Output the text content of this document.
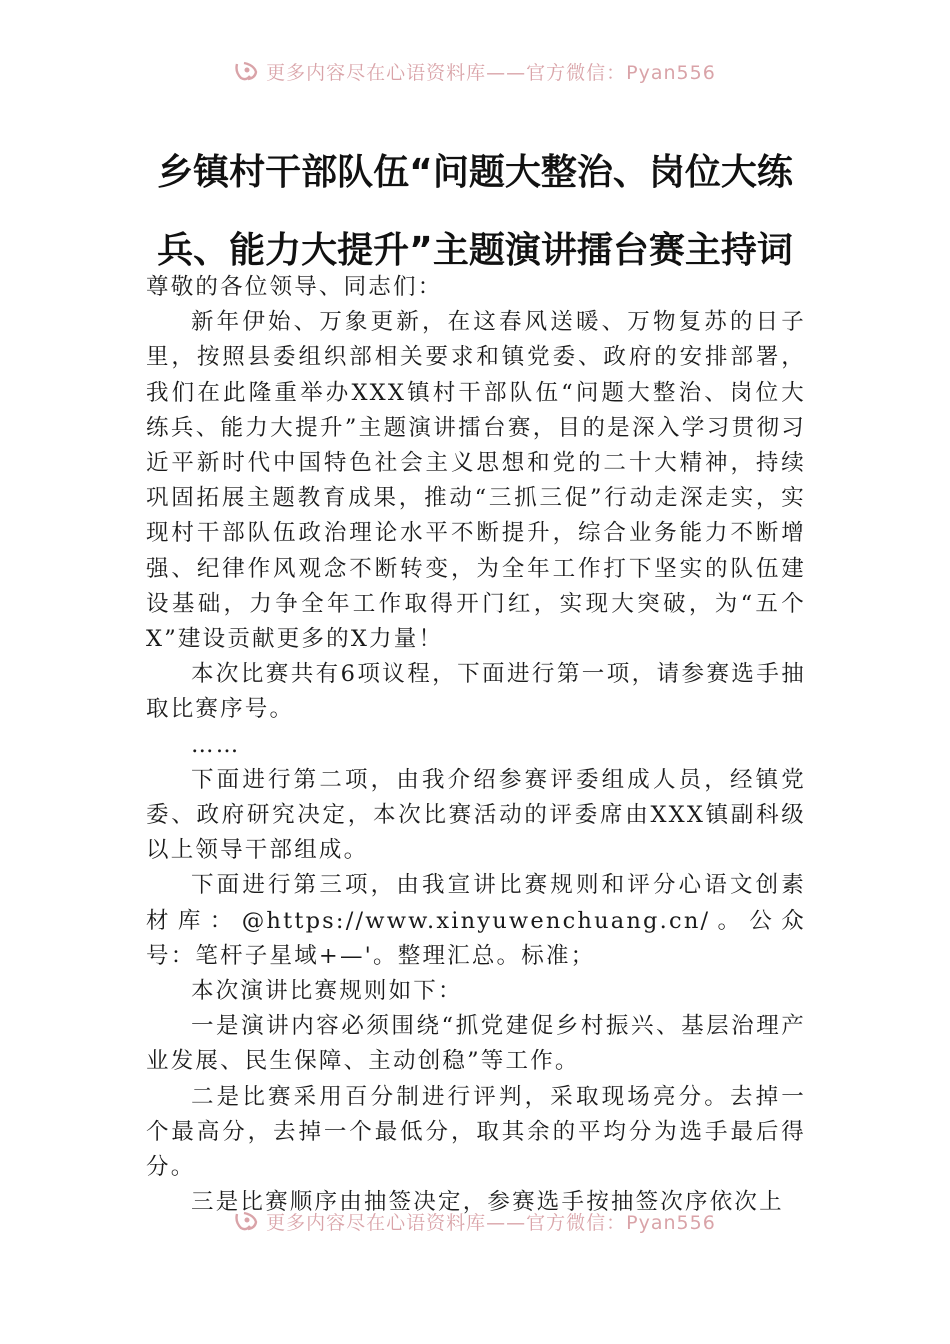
更多内容尽在心语资料库——官方微信：Pyan556
乡镇村干部队伍“问题大整治、岗位大练
兵、能力大提升”主题演讲擂台赛主持词

尊敬的各位领导、同志们：

新年伊始、万象更新，在这春风送暖、万物复苏的日子里，按照县委组织部相关要求和镇党委、政府的安排部署，我们在此隆重举办XXX镇村干部队伍“问题大整治、岗位大练兵、能力大提升”主题演讲擂台赛，目的是深入学习贯彻习近平新时代中国特色社会主义思想和党的二十大精神，持续巩固拓展主题教育成果，推动“三抓三促”行动走深走实，实现村干部队伍政治理论水平不断提升，综合业务能力不断增强、纪律作风观念不断转变，为全年工作打下坚实的队伍建设基础，力争全年工作取得开门红，实现大突破，为“五个X”建设贡献更多的X力量！

本次比赛共有6项议程，下面进行第一项，请参赛选手抽取比赛序号。

……

下面进行第二项，由我介绍参赛评委组成人员，经镇党委、政府研究决定，本次比赛活动的评委席由XXX镇副科级以上领导干部组成。

下面进行第三项，由我宣讲比赛规则和评分心语文创素材库：@https://www.xinyuwenchuang.cn/。公众号：笔杆子星域+—'。整理汇总。标准；

本次演讲比赛规则如下：

一是演讲内容必须围绕“抓党建促乡村振兴、基层治理产业发展、民生保障、主动创稳”等工作。

二是比赛采用百分制进行评判，采取现场亮分。去掉一个最高分，去掉一个最低分，取其余的平均分为选手最后得分。

三是比赛顺序由抽签决定，参赛选手按抽签次序依次上

更多内容尽在心语资料库——官方微信：Pyan556
